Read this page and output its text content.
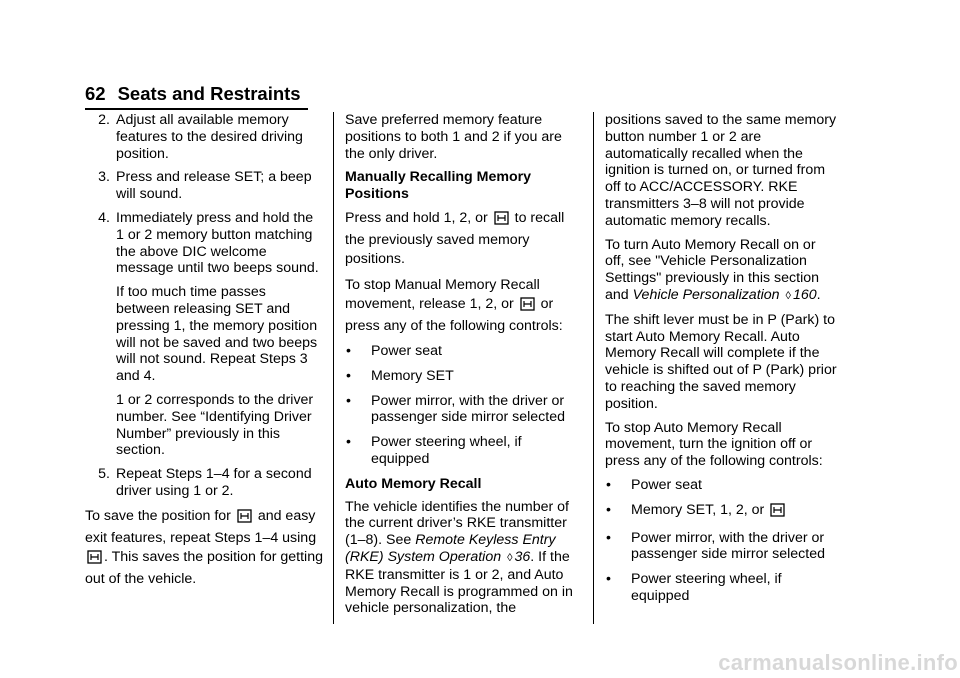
62 Seats and Restraints
2. Adjust all available memory features to the desired driving position.
3. Press and release SET; a beep will sound.
4. Immediately press and hold the 1 or 2 memory button matching the above DIC welcome message until two beeps sound.

If too much time passes between releasing SET and pressing 1, the memory position will not be saved and two beeps will not sound. Repeat Steps 3 and 4.

1 or 2 corresponds to the driver number. See “Identifying Driver Number” previously in this section.

5. Repeat Steps 1–4 for a second driver using 1 or 2.

To save the position for and easy exit features, repeat Steps 1–4 using . This saves the position for getting out of the vehicle.

Save preferred memory feature positions to both 1 and 2 if you are the only driver.

Manually Recalling Memory Positions

Press and hold 1, 2, or to recall the previously saved memory positions.

To stop Manual Memory Recall movement, release 1, 2, or or press any of the following controls:

•	Power seat
•	Memory SET
•	Power mirror, with the driver or passenger side mirror selected
•	Power steering wheel, if equipped

Auto Memory Recall

The vehicle identifies the number of the current driver’s RKE transmitter (1–8). See Remote Keyless Entry (RKE) System Operation ◊ 36. If the RKE transmitter is 1 or 2, and Auto Memory Recall is programmed on in vehicle personalization, the

positions saved to the same memory button number 1 or 2 are automatically recalled when the ignition is turned on, or turned from off to ACC/ACCESSORY. RKE transmitters 3–8 will not provide automatic memory recalls.

To turn Auto Memory Recall on or off, see "Vehicle Personalization Settings" previously in this section and Vehicle Personalization ◊ 160.

The shift lever must be in P (Park) to start Auto Memory Recall. Auto Memory Recall will complete if the vehicle is shifted out of P (Park) prior to reaching the saved memory position.

To stop Auto Memory Recall movement, turn the ignition off or press any of the following controls:

•	Power seat
•	Memory SET, 1, 2, or
•	Power mirror, with the driver or passenger side mirror selected
•	Power steering wheel, if equipped
carmanualsonline.info
